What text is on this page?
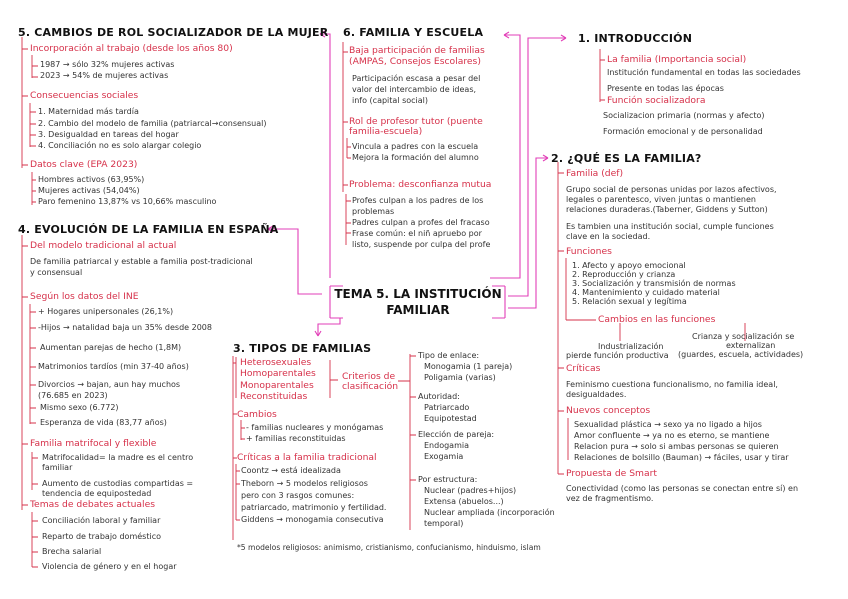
5. CAMBIOS DE ROL SOCIALIZADOR DE LA MUJER
Incorporación al trabajo (desde los años 80)
1987 → sólo 32% mujeres activas
2023 → 54% de mujeres activas
Consecuencias sociales
1. Maternidad más tardía
2. Cambio del modelo de familia (patriarcal→consensual)
3. Desigualdad en tareas del hogar
4. Conciliación no es solo alargar colegio
Datos clave (EPA 2023)
Hombres activos (63,95%)
Mujeres activas (54,04%)
Paro femenino 13,87% vs 10,66% masculino
4. EVOLUCIÓN DE LA FAMILIA EN ESPAÑA
Del modelo tradicional al actual
De familia patriarcal y estable a familia post-tradicional
y consensual
Según los datos del INE
+ Hogares unipersonales (26,1%)
-Hijos → natalidad baja un 35% desde 2008
Aumentan parejas de hecho (1,8M)
Matrimonios tardíos (min 37-40 años)
Divorcios → bajan, aun hay muchos
(76.685 en 2023)
Mismo sexo (6.772)
Esperanza de vida (83,77 años)
Familia matrifocal y flexible
Matrifocalidad= la madre es el centro
familiar
Aumento de custodias compartidas =
tendencia de equipostedad
Temas de debates actuales
Conciliación laboral y familiar
Reparto de trabajo doméstico
Brecha salarial
Violencia de género y en el hogar
6. FAMILIA Y ESCUELA
Baja participación de familias
(AMPAS, Consejos Escolares)
Participación escasa a pesar del
valor del intercambio de ideas,
info (capital social)
Rol de profesor tutor (puente
familia-escuela)
Vincula a padres con la escuela
Mejora la formación del alumno
Problema: desconfianza mutua
Profes culpan a los padres de los
problemas
Padres culpan a profes del fracaso
Frase común: el niñ apruebo por
listo, suspende por culpa del profe
TEMA 5. LA INSTITUCIÓN
FAMILIAR
3. TIPOS DE FAMILIAS
Heterosexuales
Homoparentales
Monoparentales
Reconstituidas
Criterios de
clasificación
Cambios
- familias nucleares y monógamas
+ familias reconstituidas
Críticas a la familia tradicional
Coontz → está idealizada
Theborn → 5 modelos religiosos
pero con 3 rasgos comunes:
patriarcado, matrimonio y fertilidad.
Giddens → monogamia consecutiva
Tipo de enlace:
Monogamia (1 pareja)
Poligamia (varias)
Autoridad:
Patriarcado
Equipotestad
Elección de pareja:
Endogamia
Exogamia
Por estructura:
Nuclear (padres+hijos)
Extensa (abuelos...)
Nuclear ampliada (incorporación
temporal)
*5 modelos religiosos: animismo, cristianismo, confucianismo, hinduismo, islam
1. INTRODUCCIÓN
La familia (Importancia social)
Institución fundamental en todas las sociedades
Presente en todas las épocas
Función socializadora
Socializacion primaria (normas y afecto)
Formación emocional y de personalidad
2. ¿QUÉ ES LA FAMILIA?
Familia (def)
Grupo social de personas unidas por lazos afectivos,
legales o parentesco, viven juntas o mantienen
relaciones duraderas.(Taberner, Giddens y Sutton)
Es tambien una institución social, cumple funciones
clave en la sociedad.
Funciones
1. Afecto y apoyo emocional
2. Reproducción y crianza
3. Socialización y transmisión de normas
4. Mantenimiento y cuidado material
5. Relación sexual y legítima
Cambios en las funciones
Industrialización
pierde función productiva
Crianza y socialización se
externalizan
(guardes, escuela, actividades)
Críticas
Feminismo cuestiona funcionalismo, no familia ideal,
desigualdades.
Nuevos conceptos
Sexualidad plástica → sexo ya no ligado a hijos
Amor confluente → ya no es eterno, se mantiene
Relacion pura → solo si ambas personas se quieren
Relaciones de bolsillo (Bauman) → fáciles, usar y tirar
Propuesta de Smart
Conectividad (como las personas se conectan entre sí) en
vez de fragmentismo.
